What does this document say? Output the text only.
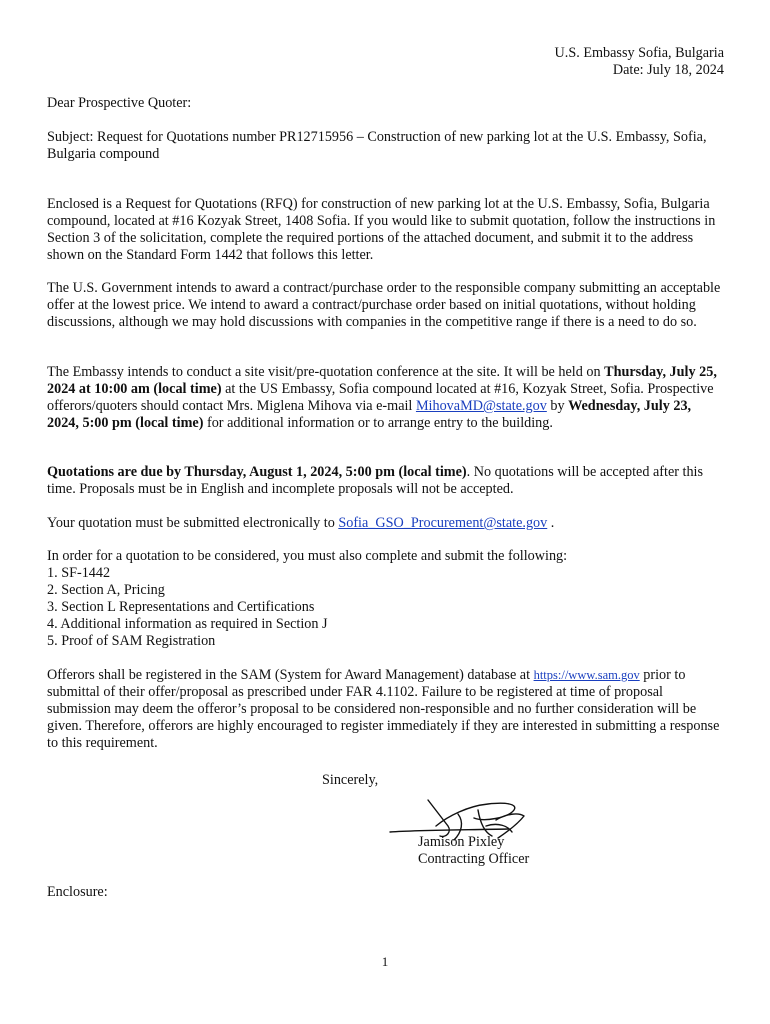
U.S. Embassy Sofia, Bulgaria
Date: July 18, 2024

Dear Prospective Quoter:

Subject: Request for Quotations number PR12715956 – Construction of new parking lot at the U.S. Embassy, Sofia, Bulgaria compound

Enclosed is a Request for Quotations (RFQ) for construction of new parking lot at the U.S. Embassy, Sofia, Bulgaria compound, located at #16 Kozyak Street, 1408 Sofia. If you would like to submit quotation, follow the instructions in Section 3 of the solicitation, complete the required portions of the attached document, and submit it to the address shown on the Standard Form 1442 that follows this letter.

The U.S. Government intends to award a contract/purchase order to the responsible company submitting an acceptable offer at the lowest price. We intend to award a contract/purchase order based on initial quotations, without holding discussions, although we may hold discussions with companies in the competitive range if there is a need to do so.

The Embassy intends to conduct a site visit/pre-quotation conference at the site. It will be held on Thursday, July 25, 2024 at 10:00 am (local time) at the US Embassy, Sofia compound located at #16, Kozyak Street, Sofia. Prospective offerors/quoters should contact Mrs. Miglena Mihova via e-mail MihovaMD@state.gov by Wednesday, July 23, 2024, 5:00 pm (local time) for additional information or to arrange entry to the building.

Quotations are due by Thursday, August 1, 2024, 5:00 pm (local time). No quotations will be accepted after this time. Proposals must be in English and incomplete proposals will not be accepted.

Your quotation must be submitted electronically to Sofia_GSO_Procurement@state.gov .

In order for a quotation to be considered, you must also complete and submit the following:

1. SF-1442
2. Section A, Pricing
3. Section L Representations and Certifications
4. Additional information as required in Section J
5. Proof of SAM Registration

Offerors shall be registered in the SAM (System for Award Management) database at https://www.sam.gov prior to submittal of their offer/proposal as prescribed under FAR 4.1102. Failure to be registered at time of proposal submission may deem the offeror’s proposal to be considered non-responsible and no further consideration will be given. Therefore, offerors are highly encouraged to register immediately if they are interested in submitting a response to this requirement.

Sincerely,
Jamison Pixley
Contracting Officer

Enclosure:

1
